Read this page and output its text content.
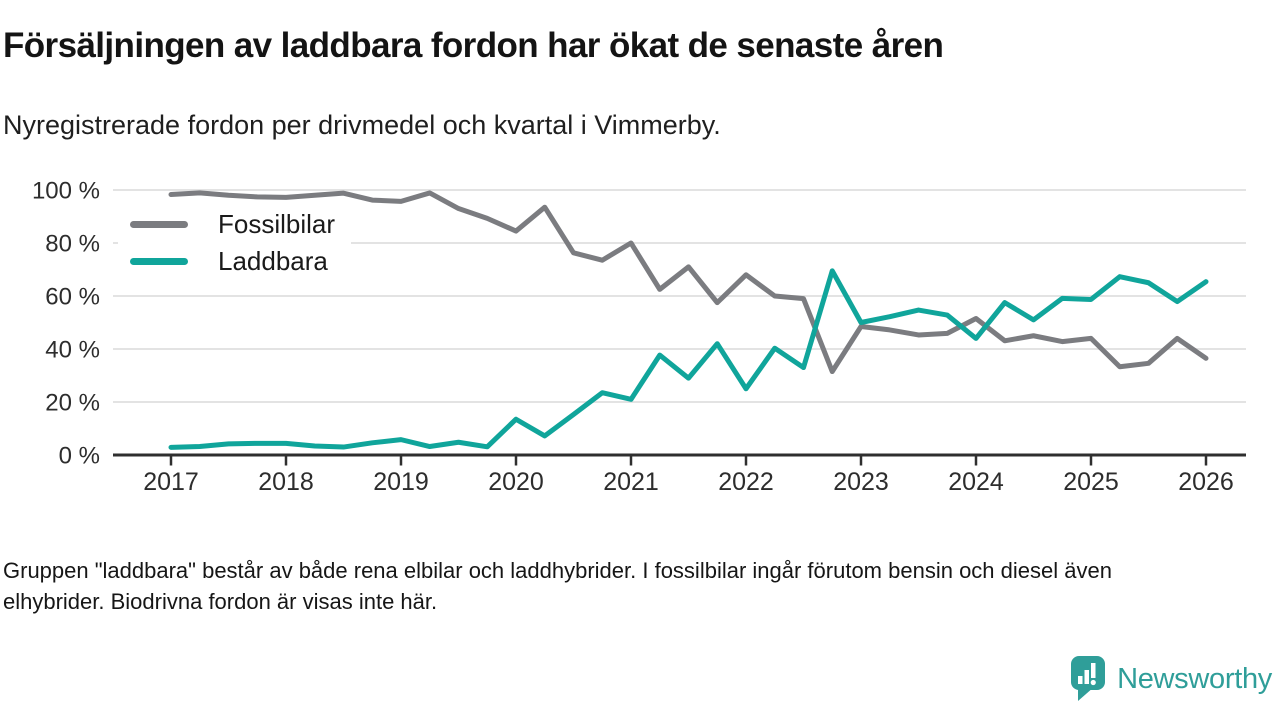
0 %
20 %
40 %
60 %
80 %
100 %
2017 2018 2019 2020 2021 2022 2023 2024 2025 2026
Försäljningen av laddbara fordon har ökat de senaste åren

Nyregistrerade fordon per drivmedel och kvartal i Vimmerby.

Fossilbilar
Laddbara

Gruppen "laddbara" består av både rena elbilar och laddhybrider. I fossilbilar ingår förutom bensin och diesel även
elhybrider. Biodrivna fordon är visas inte här.

Newsworthy
